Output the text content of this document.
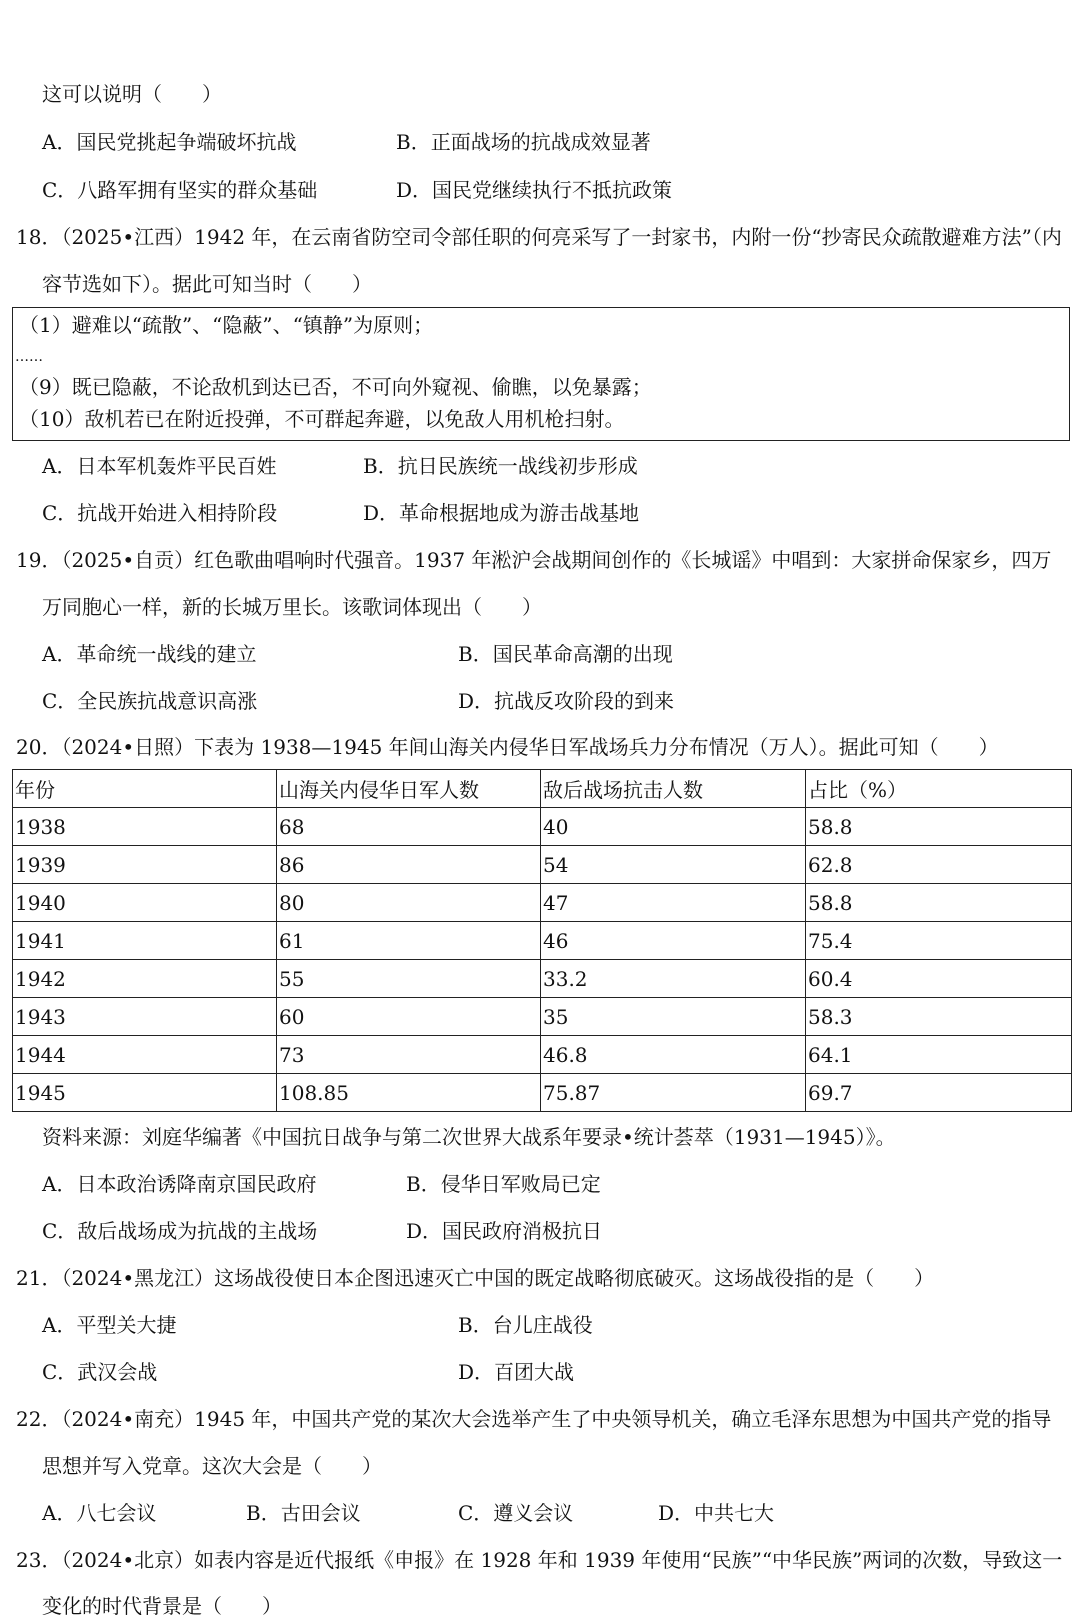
这可以说明（　　）
A．国民党挑起争端破坏抗战	B．正面战场的抗战成效显著
C．八路军拥有坚实的群众基础	D．国民党继续执行不抵抗政策
18．（2025•江西）1942 年，在云南省防空司令部任职的何亮采写了一封家书，内附一份“抄寄民众疏散避难方法”（内
容节选如下）。据此可知当时（　　）
（1）避难以“疏散”、“隐蔽”、“镇静”为原则；
……
（9）既已隐蔽，不论敌机到达已否，不可向外窥视、偷瞧，以免暴露；
（10）敌机若已在附近投弹，不可群起奔避，以免敌人用机枪扫射。
A．日本军机轰炸平民百姓	B．抗日民族统一战线初步形成
C．抗战开始进入相持阶段	D．革命根据地成为游击战基地
19．（2025•自贡）红色歌曲唱响时代强音。1937 年淞沪会战期间创作的《长城谣》中唱到：大家拼命保家乡，四万
万同胞心一样，新的长城万里长。该歌词体现出（　　）
A．革命统一战线的建立	B．国民革命高潮的出现
C．全民族抗战意识高涨	D．抗战反攻阶段的到来
20．（2024•日照）下表为 1938—1945 年间山海关内侵华日军战场兵力分布情况（万人）。据此可知（　　）
年份	山海关内侵华日军人数	敌后战场抗击人数	占比（%）
1938	68	40	58.8
1939	86	54	62.8
1940	80	47	58.8
1941	61	46	75.4
1942	55	33.2	60.4
1943	60	35	58.3
1944	73	46.8	64.1
1945	108.85	75.87	69.7
资料来源：刘庭华编著《中国抗日战争与第二次世界大战系年要录•统计荟萃（1931—1945）》。
A．日本政治诱降南京国民政府	B．侵华日军败局已定
C．敌后战场成为抗战的主战场	D．国民政府消极抗日
21．（2024•黑龙江）这场战役使日本企图迅速灭亡中国的既定战略彻底破灭。这场战役指的是（　　）
A．平型关大捷	B．台儿庄战役
C．武汉会战	D．百团大战
22．（2024•南充）1945 年，中国共产党的某次大会选举产生了中央领导机关，确立毛泽东思想为中国共产党的指导
思想并写入党章。这次大会是（　　）
A．八七会议	B．古田会议	C．遵义会议	D．中共七大
23．（2024•北京）如表内容是近代报纸《申报》在 1928 年和 1939 年使用“民族”“中华民族”两词的次数，导致这一
变化的时代背景是（　　）
